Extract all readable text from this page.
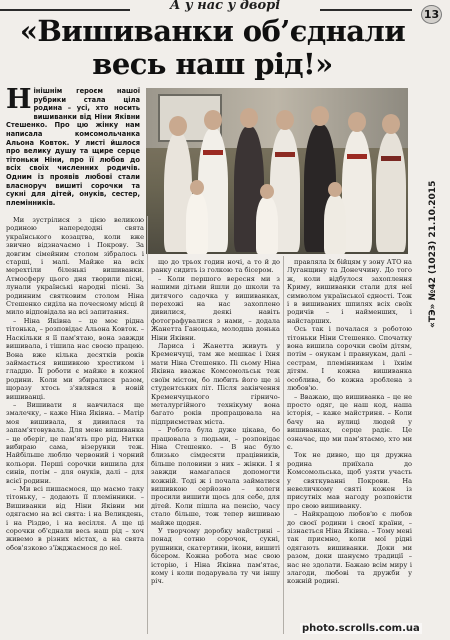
А у нас у дворі
13
«Вишиванки об’єднали весь наш рід!»
Нінішнім героєм нашої рубрики стала ціла родина – усі, хто носить вишиванки від Ніни Яківни Стешенко. Про цю жінку нам написала комсомольчанка Альона Ковток. У листі йшлося про велику душу та щире серце тітоньки Ніни, про її любов до всіх своїх численних родичів. Одним із проявів любові стали власноруч вишиті сорочки та сукні для дітей, онуків, сестер, племінників.	«ТЭ» №42 (1023) 21.10.2015

Ми зустрілися з цією великою родиною напередодні свята українського козацтва, коли вже звично відзначаємо і Покрову. За довгим сімейним столом зібралось і старші, і малі. Майже на всіх мерехтіли біленькі вишиванки. Атмосферу цього дня творили пісні, лунали українські народні пісні. За родинним святковим столом Ніна Стешенко сиділа на почесному місці й мило відповідала на всі запитання.

– Ніна Яківна – це моє рідна тітонька, – розповідає Альона Ковток. – Наскільки я її пам'ятаю, вона завжди вишивала, і тішила нас своєю працею. Вона вже кілька десятків років займається вишивкою хрестиком і гладдю. Її роботи є майже в кожної родини. Коли ми збиралися разом, щоразу хтось з'являвся в новій вишиванці.

– Вишивати я навчилася ще змалечку, – каже Ніна Яківна. – Матір моя вишивала, я дивилася та запам'ятовувала. Для мене вишиванка – це оберіг, це пам'ять про рід. Нитки вибираю сама, візерунки теж. Найбільше люблю червоний і чорний кольори. Перші сорочки вишила для синів, потім – для онуків, далі – для всієї родини.

– Ми всі пишаємося, що маємо таку тітоньку, – додають її племінники. – Вишиванки від Ніни Яківни ми одягаємо на всі свята: і на Великдень, і на Різдво, і на весілля. А ще ці сорочки об'єднали весь наш рід – хоч живемо в різних містах, а на свята обов'язково з'їжджаємося до неї.

що до трьох годин ночі, а то й до ранку сидить із голкою та бісером.

– Коли першого вересня ми з нашими дітьми йшли до школи та дитячого садочка у вишиванках, перехожі на нас захоплено дивилися, деякі навіть фотографувалися з нами, – додала Жанетта Ганоцька, молодша донька Ніни Яківни.

Лариса і Жанетта живуть у Кременчуці, там же мешкає і їхня мати Ніна Стешенко. Пі сьому Ніна Яківна вважає Комсомольськ теж своїм містом, бо любить його ще зі студентських літ. Після закінчення Кременчуцького гірничо-металургійного технікуму вона багато років пропрацювала на підприємствах міста.

– Робота була дуже цікава, бо працювала з людьми, – розповідає Ніна Стешенко. – В нас було близько сімдесяти працівників, більше половини з них – жінки. І я завжди намагалася допомогти кожній. Тоді ж і почала займатися вишивкою серйозно – колеги просили вишити щось для себе, для дітей. Коли пішла на пенсію, часу стало більше, тож тепер вишиваю майже щодня.

У творчому доробку майстрині – понад сотню сорочок, сукні, рушники, скатертини, ікони, вишиті бісером. Кожна робота має свою історію, і Ніна Яківна пам'ятає, кому і коли подарувала ту чи іншу річ.

правляла їх бійцям у зону АТО на Луганщину та Донеччину. До того ж, коли відбулося захоплення Криму, вишиванки стали для неї символом української єдності. Тож і в вишиваних шпилях всіх своїх родичів – і найменших, і найстарших.

Ось так і почалася з роботою тітоньки Ніни Стешенко. Спочатку вона вишила сорочки своїм дітям, потім – онукам і правнукам, далі – сестрам, племінникам і їхнім дітям. І кожна вишиванка особлива, бо кожна зроблена з любов'ю.

– Вважаю, що вишиванка – це не просто одяг, це наш код, наша історія, – каже майстриня. – Коли бачу на вулиці людей у вишиванках, серце радіє. Це означає, що ми пам'ятаємо, хто ми є.

Ток не дивно, що ця дружна родина приїхала до Комсомольська, щоб узяти участь у святкуванні Покрови. На невеличкому святі кожен із присутніх мав нагоду розповісти про свою вишиванку.

– Найкращою любов'ю є любов до своєї родини і своєї країни, – зізнається Ніна Яківна. – Тому мені так приємно, коли мої рідні одягають вишиванки. Доки ми разом, доки шануємо традиції – нас не здолати. Бажаю всім миру і злагоди, любові та дружби у кожній родині.

photo.scrolls.com.ua
